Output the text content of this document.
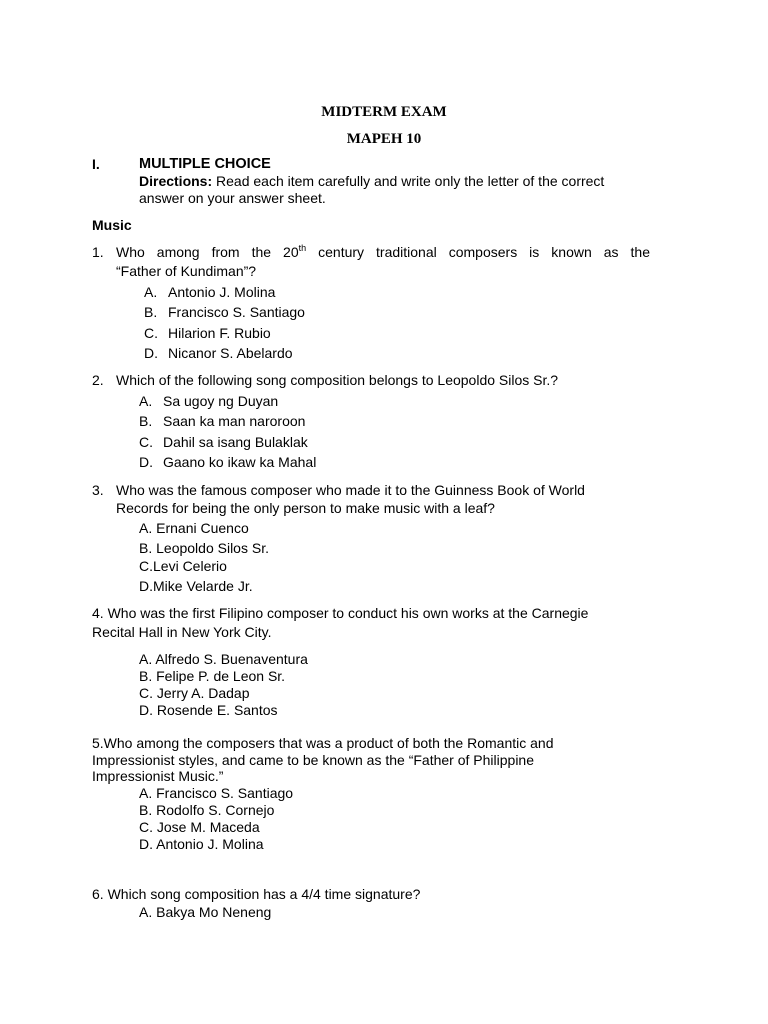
MIDTERM EXAM
MAPEH 10
I.	MULTIPLE CHOICE
Directions: Read each item carefully and write only the letter of the correct
answer on your answer sheet.
Music
1. Who among from the 20th century traditional composers is known as the
“Father of Kundiman”?
A. Antonio J. Molina
B. Francisco S. Santiago
C. Hilarion F. Rubio
D. Nicanor S. Abelardo
2. Which of the following song composition belongs to Leopoldo Silos Sr.?
A. Sa ugoy ng Duyan
B. Saan ka man naroroon
C. Dahil sa isang Bulaklak
D. Gaano ko ikaw ka Mahal
3. Who was the famous composer who made it to the Guinness Book of World
Records for being the only person to make music with a leaf?
A. Ernani Cuenco
B. Leopoldo Silos Sr.
C.Levi Celerio
D.Mike Velarde Jr.
4. Who was the first Filipino composer to conduct his own works at the Carnegie
Recital Hall in New York City.
A. Alfredo S. Buenaventura
B. Felipe P. de Leon Sr.
C. Jerry A. Dadap
D. Rosende E. Santos
5.Who among the composers that was a product of both the Romantic and
Impressionist styles, and came to be known as the “Father of Philippine
Impressionist Music.”
A. Francisco S. Santiago
B. Rodolfo S. Cornejo
C. Jose M. Maceda
D. Antonio J. Molina
6. Which song composition has a 4/4 time signature?
A. Bakya Mo Neneng
